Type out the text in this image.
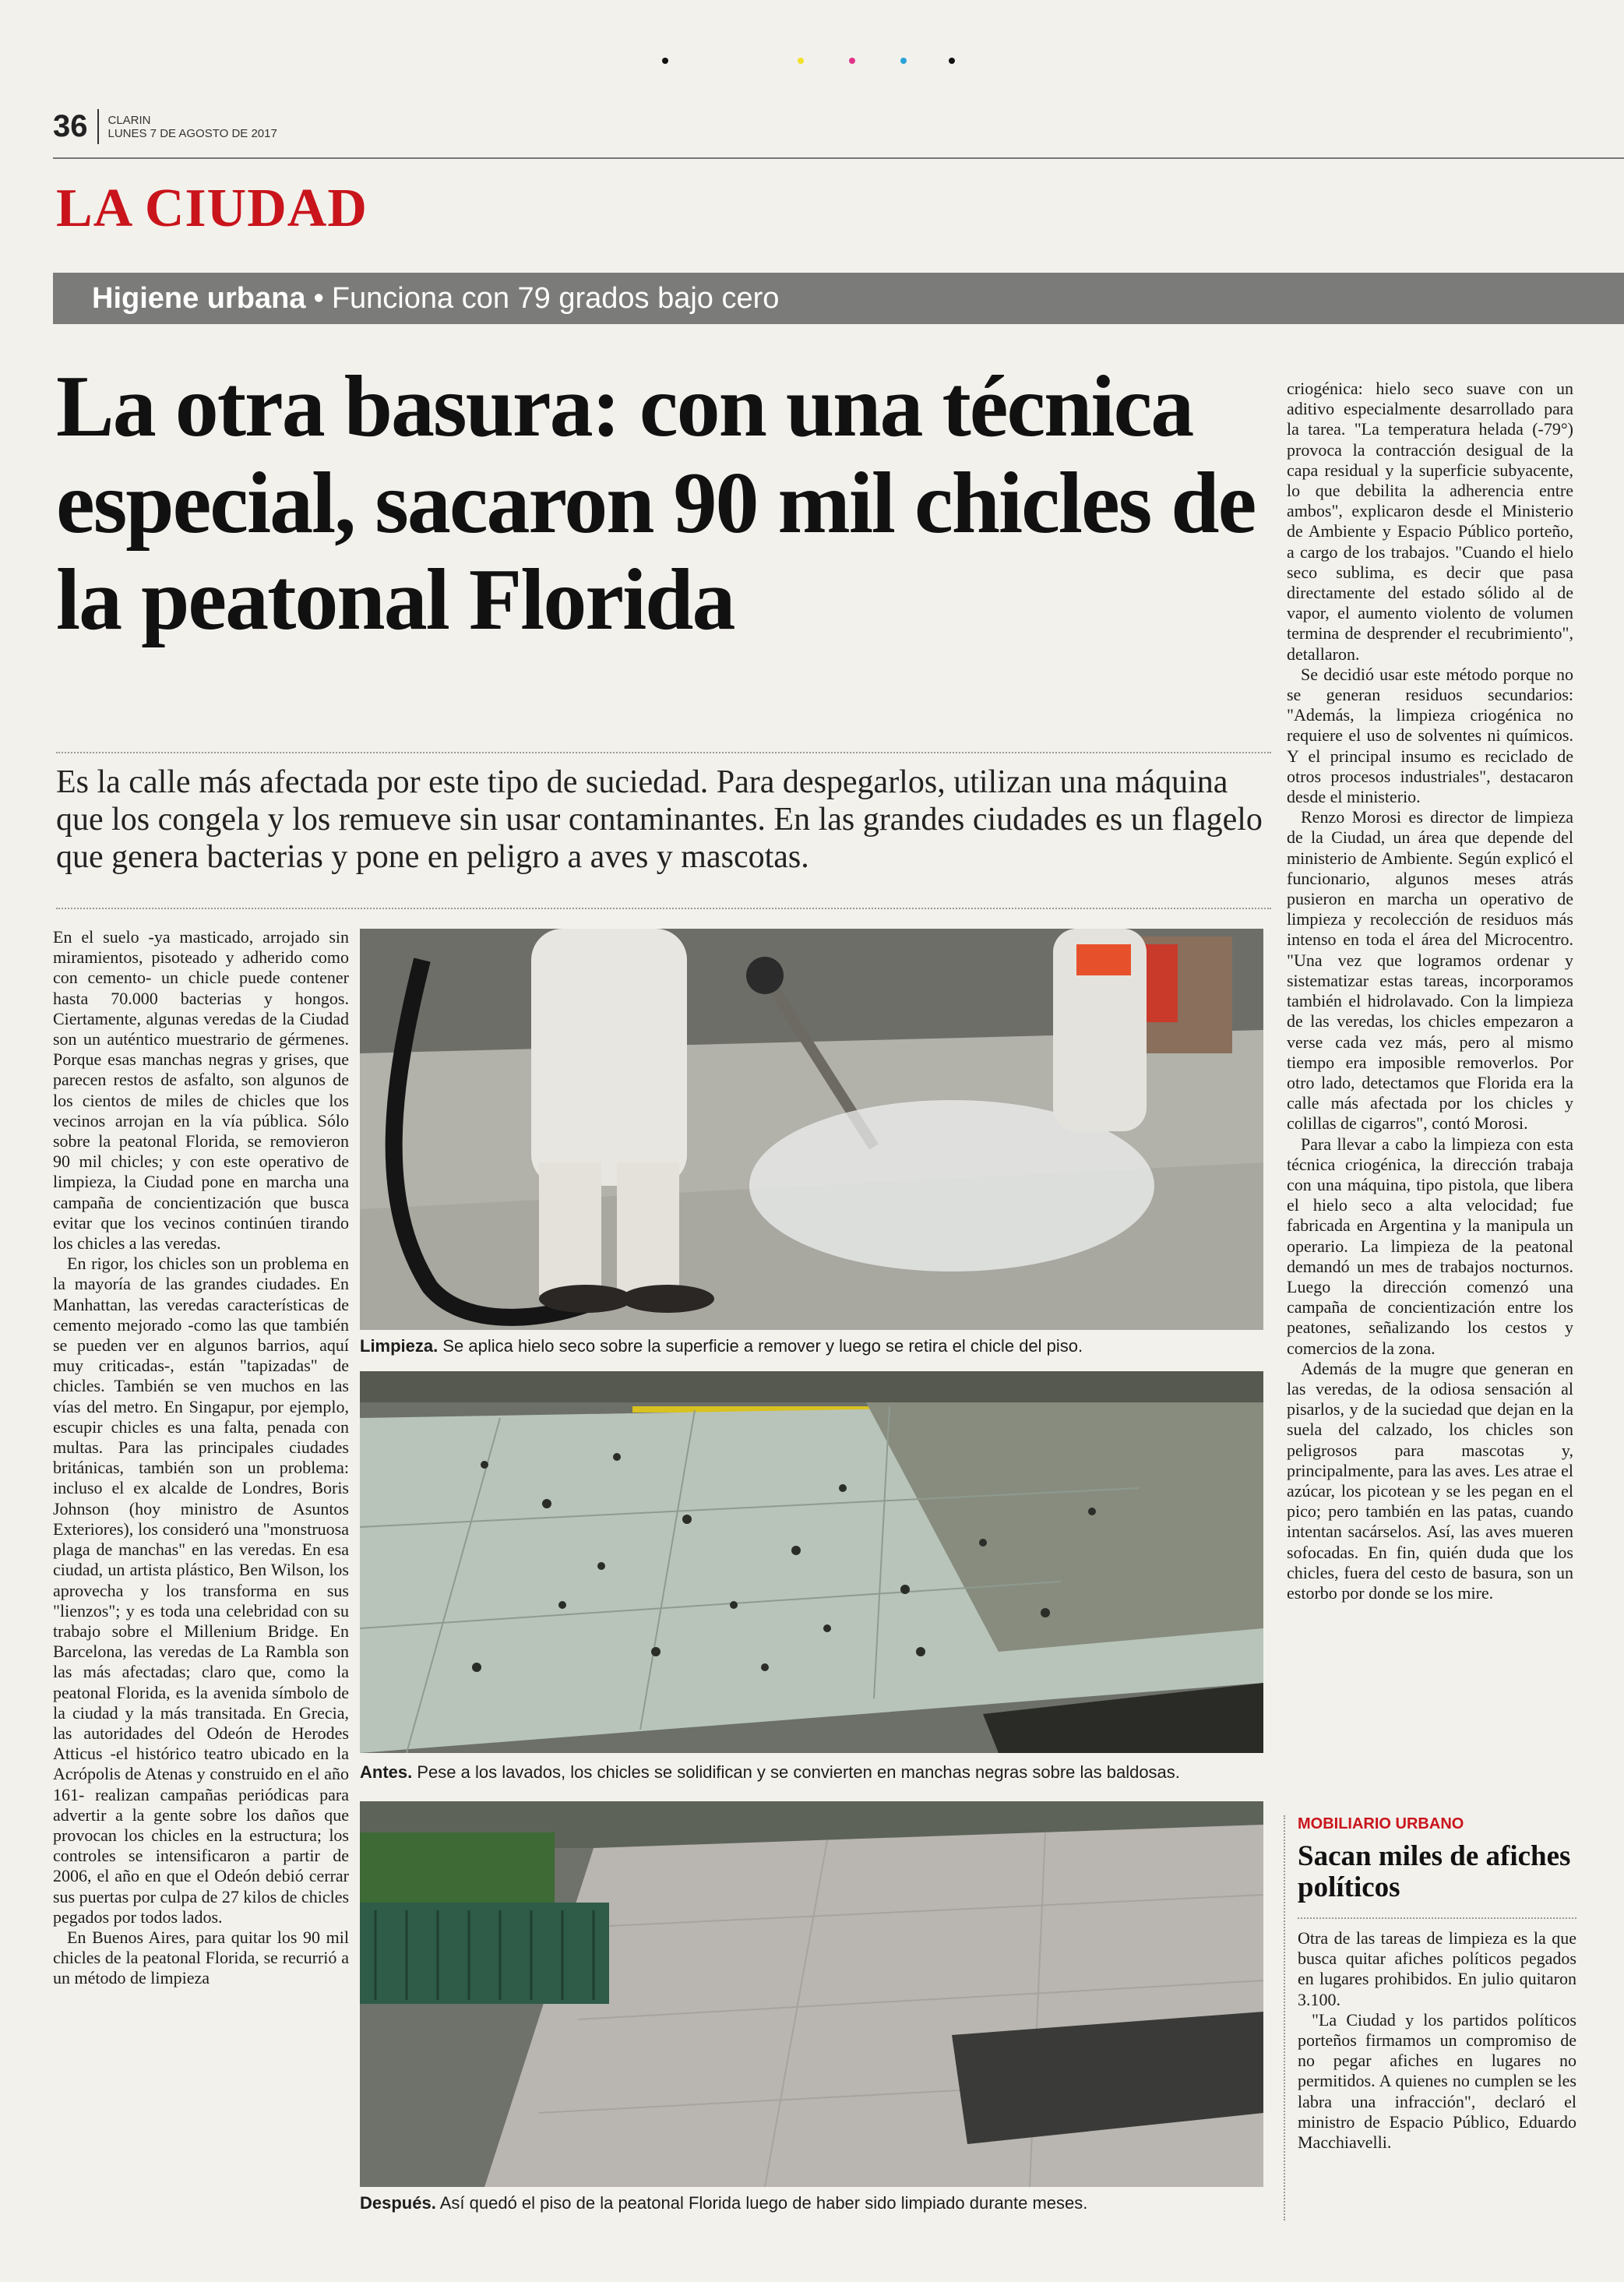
36	CLARIN
LUNES 7 DE AGOSTO DE 2017
LA CIUDAD
Higiene urbana • Funciona con 79 grados bajo cero
La otra basura: con una técnica especial, sacaron 90 mil chicles de la peatonal Florida
Es la calle más afectada por este tipo de suciedad. Para despegarlos, utilizan una máquina que los congela y los remueve sin usar contaminantes. En las grandes ciudades es un flagelo que genera bacterias y pone en peligro a aves y mascotas.

En el suelo -ya masticado, arrojado sin miramientos, pisoteado y adherido como con cemento- un chicle puede contener hasta 70.000 bacterias y hongos. Ciertamente, algunas veredas de la Ciudad son un auténtico muestrario de gérmenes. Porque esas manchas negras y grises, que parecen restos de asfalto, son algunos de los cientos de miles de chicles que los vecinos arrojan en la vía pública. Sólo sobre la peatonal Florida, se removieron 90 mil chicles; y con este operativo de limpieza, la Ciudad pone en marcha una campaña de concientización que busca evitar que los vecinos continúen tirando los chicles a las veredas.

En rigor, los chicles son un problema en la mayoría de las grandes ciudades. En Manhattan, las veredas características de cemento mejorado -como las que también se pueden ver en algunos barrios, aquí muy criticadas-, están "tapizadas" de chicles. También se ven muchos en las vías del metro. En Singapur, por ejemplo, escupir chicles es una falta, penada con multas. Para las principales ciudades británicas, también son un problema: incluso el ex alcalde de Londres, Boris Johnson (hoy ministro de Asuntos Exteriores), los consideró una "monstruosa plaga de manchas" en las veredas. En esa ciudad, un artista plástico, Ben Wilson, los aprovecha y los transforma en sus "lienzos"; y es toda una celebridad con su trabajo sobre el Millenium Bridge. En Barcelona, las veredas de La Rambla son las más afectadas; claro que, como la peatonal Florida, es la avenida símbolo de la ciudad y la más transitada. En Grecia, las autoridades del Odeón de Herodes Atticus -el histórico teatro ubicado en la Acrópolis de Atenas y construido en el año 161- realizan campañas periódicas para advertir a la gente sobre los daños que provocan los chicles en la estructura; los controles se intensificaron a partir de 2006, el año en que el Odeón debió cerrar sus puertas por culpa de 27 kilos de chicles pegados por todos lados.

En Buenos Aires, para quitar los 90 mil chicles de la peatonal Florida, se recurrió a un método de limpieza

Limpieza. Se aplica hielo seco sobre la superficie a remover y luego se retira el chicle del piso.
Antes. Pese a los lavados, los chicles se solidifican y se convierten en manchas negras sobre las baldosas.
Después. Así quedó el piso de la peatonal Florida luego de haber sido limpiado durante meses.

criogénica: hielo seco suave con un aditivo especialmente desarrollado para la tarea. "La temperatura helada (-79°) provoca la contracción desigual de la capa residual y la superficie subyacente, lo que debilita la adherencia entre ambos", explicaron desde el Ministerio de Ambiente y Espacio Público porteño, a cargo de los trabajos. "Cuando el hielo seco sublima, es decir que pasa directamente del estado sólido al de vapor, el aumento violento de volumen termina de desprender el recubrimiento", detallaron.

Se decidió usar este método porque no se generan residuos secundarios: "Además, la limpieza criogénica no requiere el uso de solventes ni químicos. Y el principal insumo es reciclado de otros procesos industriales", destacaron desde el ministerio.

Renzo Morosi es director de limpieza de la Ciudad, un área que depende del ministerio de Ambiente. Según explicó el funcionario, algunos meses atrás pusieron en marcha un operativo de limpieza y recolección de residuos más intenso en toda el área del Microcentro. "Una vez que logramos ordenar y sistematizar estas tareas, incorporamos también el hidrolavado. Con la limpieza de las veredas, los chicles empezaron a verse cada vez más, pero al mismo tiempo era imposible removerlos. Por otro lado, detectamos que Florida era la calle más afectada por los chicles y colillas de cigarros", contó Morosi.

Para llevar a cabo la limpieza con esta técnica criogénica, la dirección trabaja con una máquina, tipo pistola, que libera el hielo seco a alta velocidad; fue fabricada en Argentina y la manipula un operario. La limpieza de la peatonal demandó un mes de trabajos nocturnos. Luego la dirección comenzó una campaña de concientización entre los peatones, señalizando los cestos y comercios de la zona.

Además de la mugre que generan en las veredas, de la odiosa sensación al pisarlos, y de la suciedad que dejan en la suela del calzado, los chicles son peligrosos para mascotas y, principalmente, para las aves. Les atrae el azúcar, los picotean y se les pegan en el pico; pero también en las patas, cuando intentan sacárselos. Así, las aves mueren sofocadas. En fin, quién duda que los chicles, fuera del cesto de basura, son un estorbo por donde se los mire.

MOBILIARIO URBANO
Sacan miles de afiches políticos

Otra de las tareas de limpieza es la que busca quitar afiches políticos pegados en lugares prohibidos. En julio quitaron 3.100.

"La Ciudad y los partidos políticos porteños firmamos un compromiso de no pegar afiches en lugares no permitidos. A quienes no cumplen se les labra una infracción", declaró el ministro de Espacio Público, Eduardo Macchiavelli.
